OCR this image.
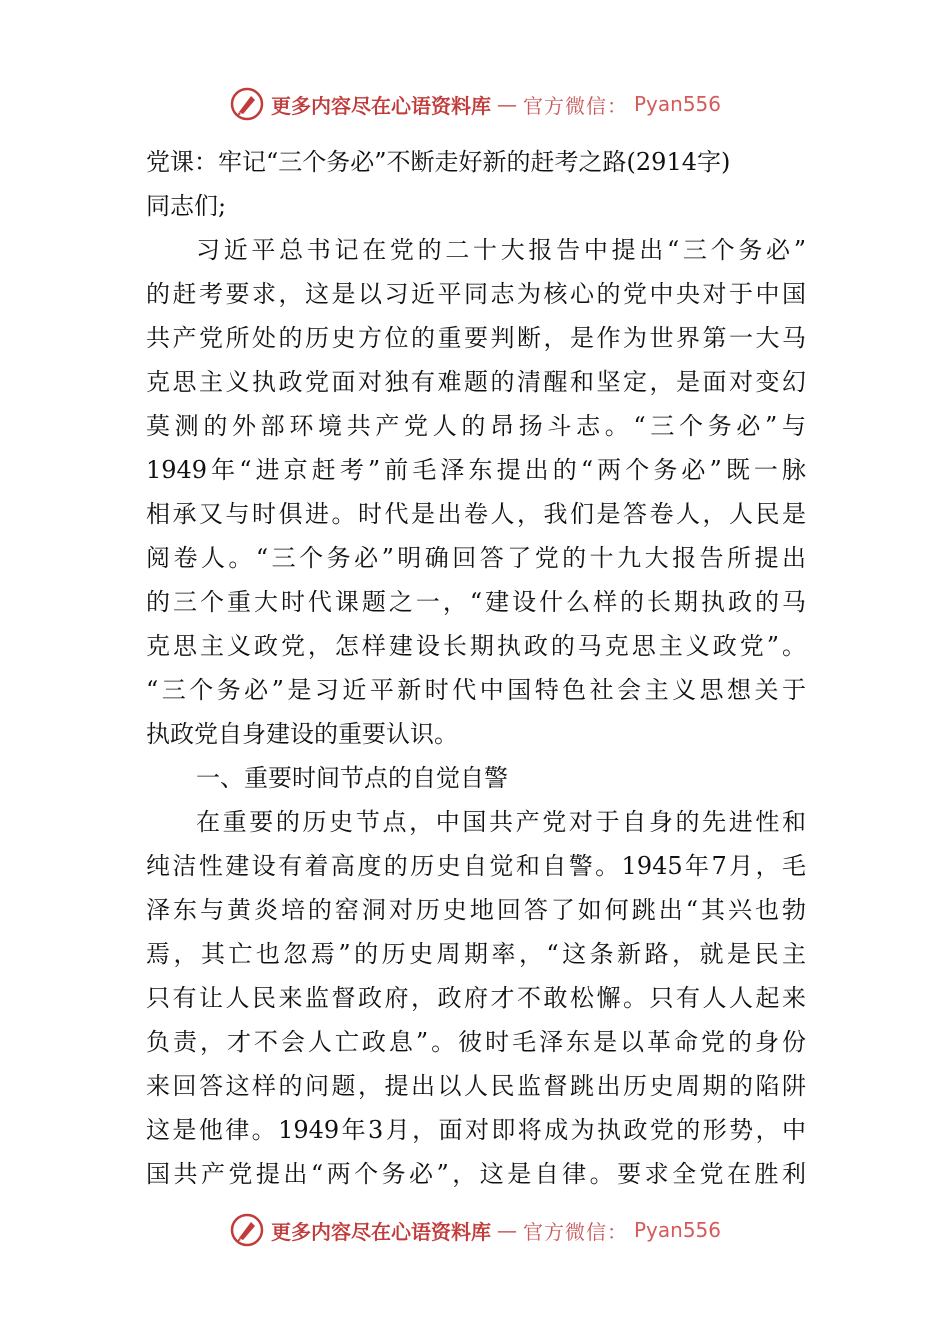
更多内容尽在心语资料库 — 官方微信： Pyan556
党课：牢记“三个务必”不断走好新的赶考之路(2914字)
同志们;
习近平总书记在党的二十大报告中提出“三个务必”
的赶考要求，这是以习近平同志为核心的党中央对于中国
共产党所处的历史方位的重要判断，是作为世界第一大马
克思主义执政党面对独有难题的清醒和坚定，是面对变幻
莫测的外部环境共产党人的昂扬斗志。“三个务必”与
1949年“进京赶考”前毛泽东提出的“两个务必”既一脉
相承又与时俱进。时代是出卷人，我们是答卷人，人民是
阅卷人。“三个务必”明确回答了党的十九大报告所提出
的三个重大时代课题之一，“建设什么样的长期执政的马
克思主义政党，怎样建设长期执政的马克思主义政党”。
“三个务必”是习近平新时代中国特色社会主义思想关于
执政党自身建设的重要认识。
一、重要时间节点的自觉自警
在重要的历史节点，中国共产党对于自身的先进性和
纯洁性建设有着高度的历史自觉和自警。1945年7月，毛
泽东与黄炎培的窑洞对历史地回答了如何跳出“其兴也勃
焉，其亡也忽焉”的历史周期率，“这条新路，就是民主
只有让人民来监督政府，政府才不敢松懈。只有人人起来
负责，才不会人亡政息”。彼时毛泽东是以革命党的身份
来回答这样的问题，提出以人民监督跳出历史周期的陷阱
这是他律。1949年3月，面对即将成为执政党的形势，中
国共产党提出“两个务必”，这是自律。要求全党在胜利
更多内容尽在心语资料库 — 官方微信： Pyan556
